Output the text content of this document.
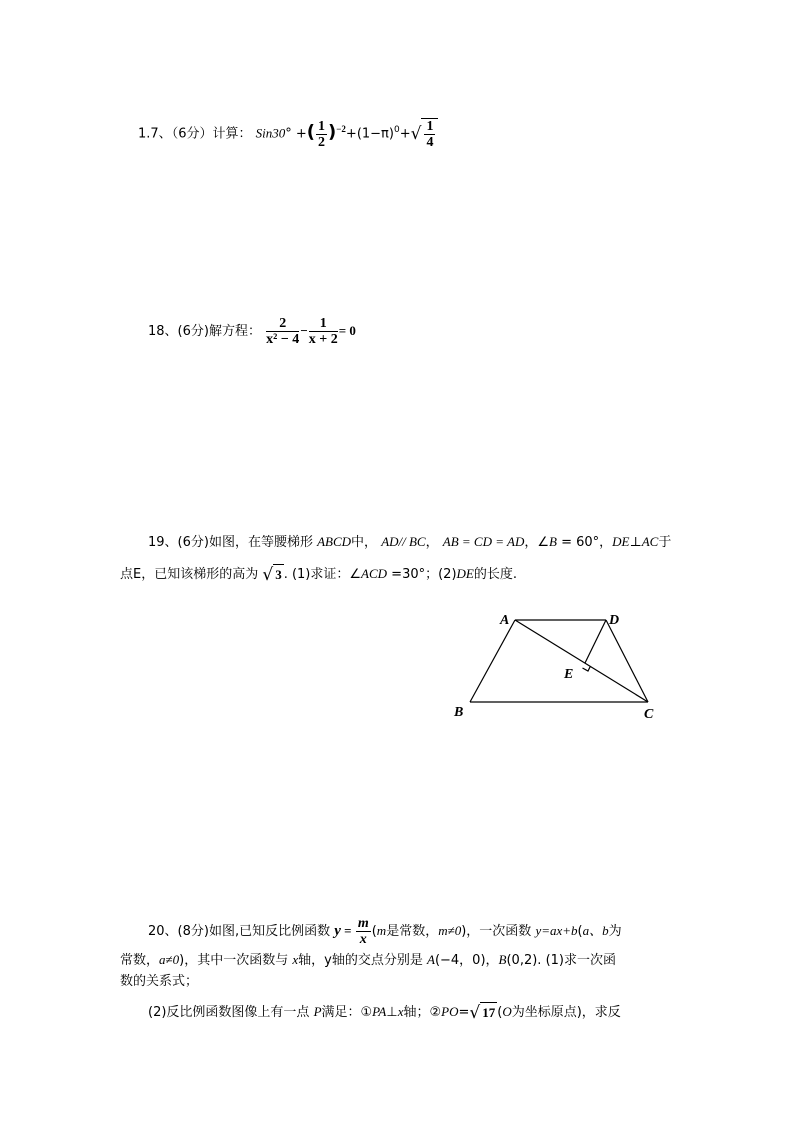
1.7、（6分）计算： Sin30° +( $\frac{1}{2} )^{-2}+(1-\pi)^0+√ \frac{1}{4}$
18、(6分)解方程： $\frac{2}{\text{x² − 4}} - \frac{1}{x + 2} = 0$
19、(6分)如图，在等腰梯形 ABCD中， AD// BC， AB = CD = AD，∠B = 60°，DE⊥AC于
点E，已知该梯形的高为 √ 3 . (1)求证：∠ACD =30°；(2)DE的长度.
A	D
E
B	C
20、(8分)如图,已知反比例函数 $y = \frac{m}{x} (m$是常数，m≠0)，一次函数 y=ax+b(a、b为
常数，a≠0)，其中一次函数与 x轴，y轴的交点分别是 A(−4，0)，B(0,2). (1)求一次函
数的关系式；
(2)反比例函数图像上有一点 P满足：①PA⊥x轴；②PO=√ 17 (O为坐标原点)，求反
